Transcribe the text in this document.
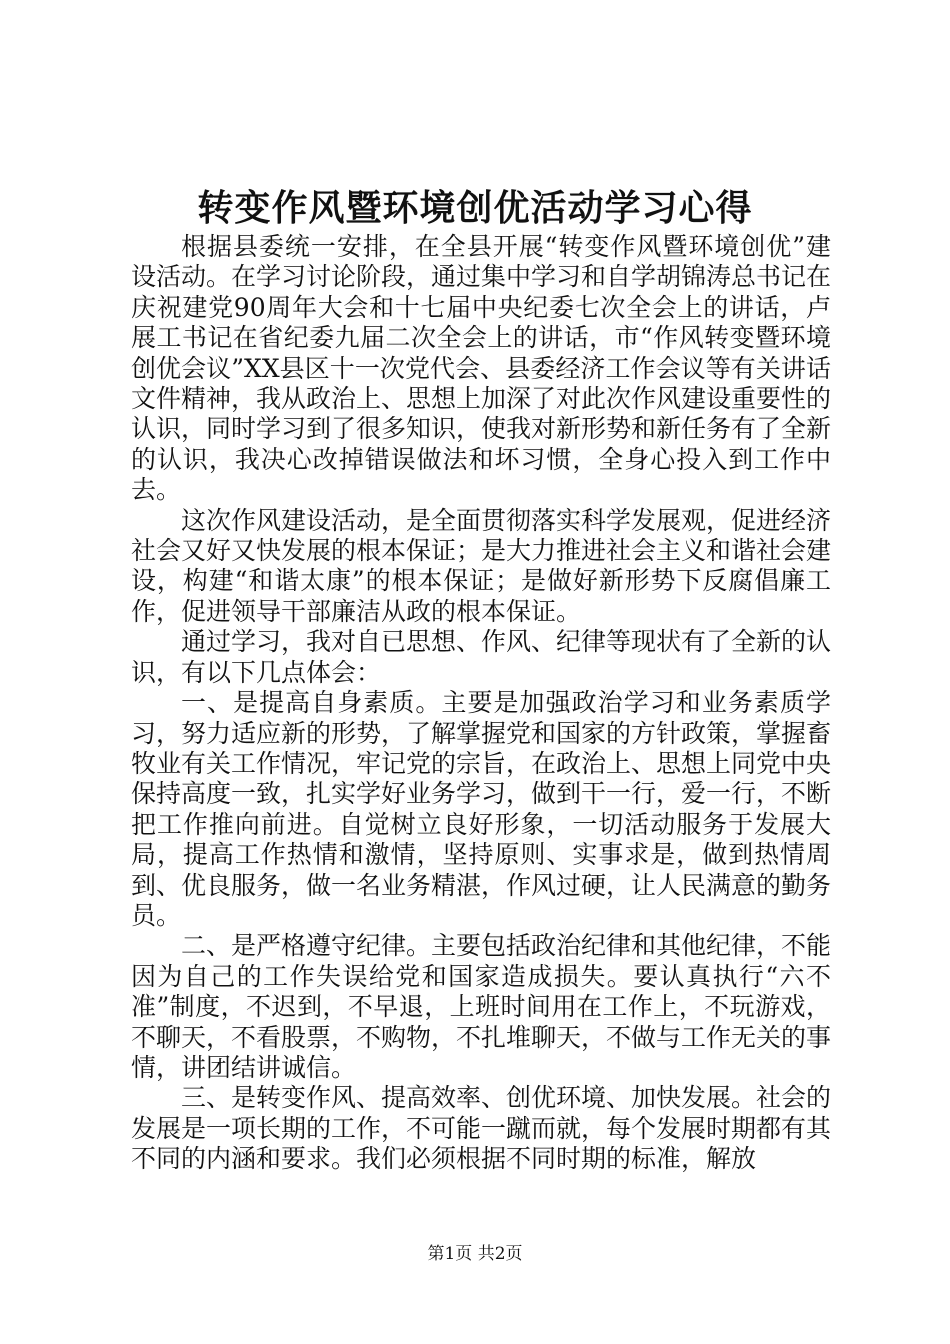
转变作风暨环境创优活动学习心得

根据县委统一安排，在全县开展“转变作风暨环境创优”建设活动。在学习讨论阶段，通过集中学习和自学胡锦涛总书记在庆祝建党90周年大会和十七届中央纪委七次全会上的讲话，卢展工书记在省纪委九届二次全会上的讲话，市“作风转变暨环境创优会议”XX县区十一次党代会、县委经济工作会议等有关讲话文件精神，我从政治上、思想上加深了对此次作风建设重要性的认识，同时学习到了很多知识，使我对新形势和新任务有了全新的认识，我决心改掉错误做法和坏习惯，全身心投入到工作中去。

这次作风建设活动，是全面贯彻落实科学发展观，促进经济社会又好又快发展的根本保证；是大力推进社会主义和谐社会建设，构建“和谐太康”的根本保证；是做好新形势下反腐倡廉工作，促进领导干部廉洁从政的根本保证。

通过学习，我对自已思想、作风、纪律等现状有了全新的认识，有以下几点体会：

一、是提高自身素质。主要是加强政治学习和业务素质学习，努力适应新的形势，了解掌握党和国家的方针政策，掌握畜牧业有关工作情况，牢记党的宗旨，在政治上、思想上同党中央保持高度一致，扎实学好业务学习，做到干一行，爱一行，不断把工作推向前进。自觉树立良好形象，一切活动服务于发展大局，提高工作热情和激情，坚持原则、实事求是，做到热情周到、优良服务，做一名业务精湛，作风过硬，让人民满意的勤务员。

二、是严格遵守纪律。主要包括政治纪律和其他纪律，不能因为自己的工作失误给党和国家造成损失。要认真执行“六不准”制度，不迟到，不早退，上班时间用在工作上，不玩游戏，不聊天，不看股票，不购物，不扎堆聊天，不做与工作无关的事情，讲团结讲诚信。

三、是转变作风、提高效率、创优环境、加快发展。社会的发展是一项长期的工作，不可能一蹴而就，每个发展时期都有其不同的内涵和要求。我们必须根据不同时期的标准，解放

第1页 共2页
